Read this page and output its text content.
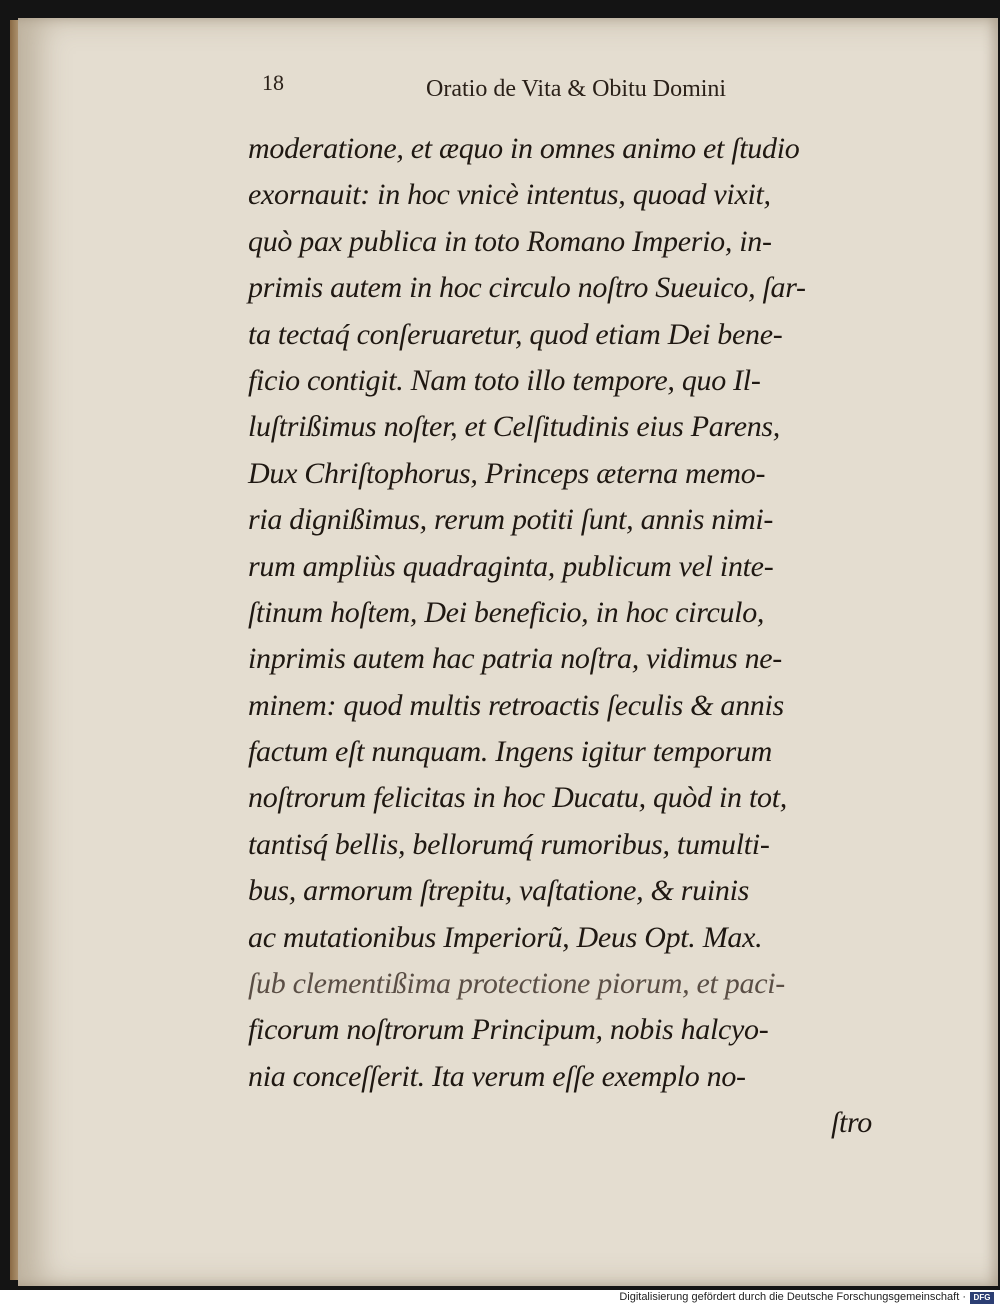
18	Oratio de Vita & Obitu Domini
moderatione, et æquo in omnes animo et ſtudio
exornauit: in hoc vnicè intentus, quoad vixit,
quò pax publica in toto Romano Imperio, in-
primis autem in hoc circulo noſtro Sueuico, ſar-
ta tectaq́ conſeruaretur, quod etiam Dei bene-
ficio contigit. Nam toto illo tempore, quo Il-
luſtrißimus noſter, et Celſitudinis eius Parens,
Dux Chriſtophorus, Princeps æterna memo-
ria dignißimus, rerum potiti ſunt, annis nimi-
rum ampliùs quadraginta, publicum vel inte-
ſtinum hoſtem, Dei beneficio, in hoc circulo,
inprimis autem hac patria noſtra, vidimus ne-
minem: quod multis retroactis ſeculis & annis
factum eſt nunquam. Ingens igitur temporum
noſtrorum felicitas in hoc Ducatu, quòd in tot,
tantisq́ bellis, bellorumq́ rumoribus, tumulti-
bus, armorum ſtrepitu, vaſtatione, & ruinis
ac mutationibus Imperiorũ, Deus Opt. Max.
ſub clementißima protectione piorum, et paci-
ficorum noſtrorum Principum, nobis halcyo-
nia conceſſerit. Ita verum eſſe exemplo no-
ſtro
Digitalisierung gefördert durch die Deutsche Forschungsgemeinschaft · DFG
